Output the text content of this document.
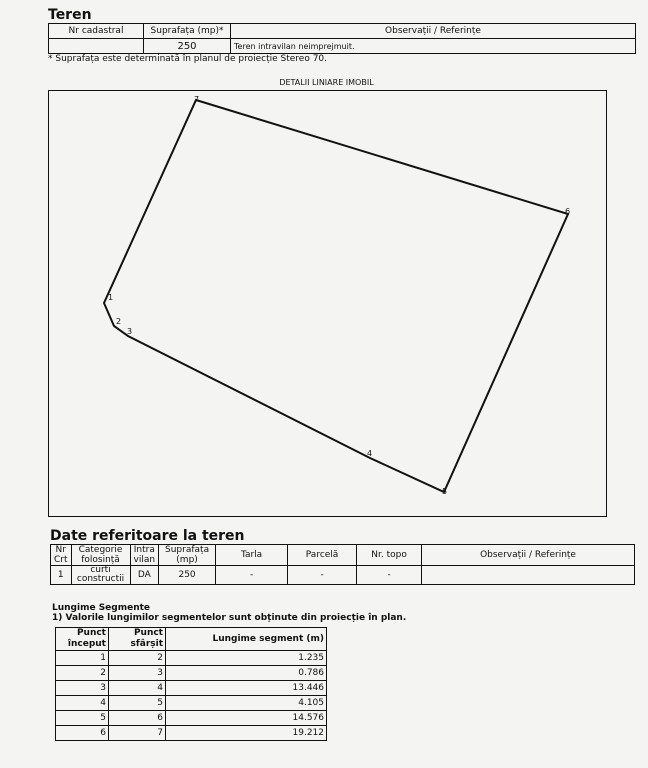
Teren
Nr cadastral	Suprafața (mp)*	Observații / Referințe
	250	Teren intravilan neimprejmuit.
* Suprafața este determinată în planul de proiecție Stereo 70.
DETALII LINIARE IMOBIL
1
2
3
4
5
6
7
Date referitoare la teren
Nr Crt	Categorie folosință	Intra vilan	Suprafața (mp)	Tarla	Parcelă	Nr. topo	Observații / Referințe
1	curti constructii	DA	250	-	-	-	
Lungime Segmente
1) Valorile lungimilor segmentelor sunt obținute din proiecție în plan.
Punct început	Punct sfârșit	Lungime segment (m)
1	2	1.235
2	3	0.786
3	4	13.446
4	5	4.105
5	6	14.576
6	7	19.212
